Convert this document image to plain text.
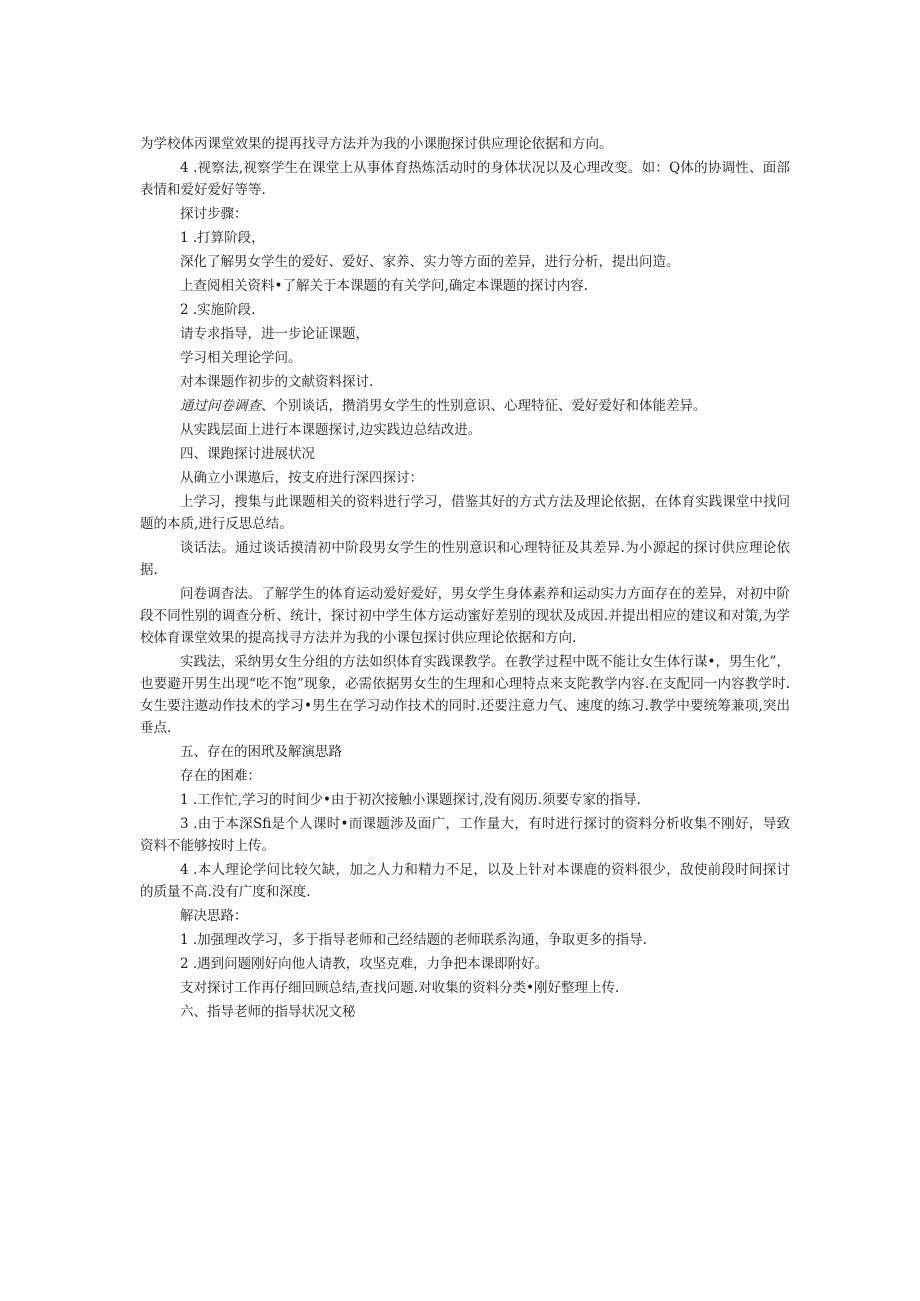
为学校体丙课堂效果的提再找寻方法并为我的小课胞探讨供应理论依据和方向。

4 .视察法,视察学生在课堂上从事体育热炼活动时的身体状况以及心理改变。如：Q体的协调性、面部表情和爱好爱好等等.

探讨步骤：

1 .打算阶段，

深化了解男女学生的爱好、爱好、家养、实力等方面的差异，进行分析，提出问造。

上查阅相关资料•了解关于本课题的有关学问,确定本课题的探讨内容.

2 .实施阶段.

请专求指导，进一步论证课题，

学习相关理论学问。

对本课题作初步的文献资料探讨.

通过问卷调查、个别谈话，攒消男女学生的性别意识、心理特征、爱好爱好和体能差异。

从实践层面上进行本课题探讨,边实践边总结改进。

四、课跑探讨进展状况

从确立小课遨后，按支府进行深四探讨：

上学习，搜集与此课题相关的资料进行学习，借鉴其好的方式方法及理论依据，在体育实践课堂中找问题的本质,进行反思总结。

谈话法。通过谈话摸清初中阶段男女学生的性别意识和心理特征及其差异.为小源起的探讨供应理论依据.

问卷调杳法。了解学生的体育运动爱好爱好，男女学生身体素养和运动实力方面存在的差异，对初中阶段不同性别的调查分析、统计，探讨初中学生体方运动蜜好差别的现状及成因.并提出相应的建议和对策,为学校体育课堂效果的提高找寻方法并为我的小课包探讨供应理论依据和方向.

实践法，采纳男女生分组的方法如织体育实践课教学。在教学过程中既不能让女生体行谋•，男生化”，也要避开男生出现“吃不饱”现象，必需依据男女生的生理和心理特点来支陀教学内容.在支配同一内容教学时.女生要注遨动作技术的学习•男生在学习动作技术的同时.还要注意力气、速度的练习.教学中要统筹兼项,突出垂点.

五、存在的困玳及解演思路

存在的困难：

1 .工作忙,学习的时间少•由于初次接触小课题探讨,没有阅历.须要专家的指导.

3 .由于本深Sfi是个人课时•而课题涉及面广，工作量大，有时进行探讨的资料分析收集不刚好，导致资料不能够按时上传。

4 .本人理论学问比较欠缺，加之人力和精力不足，以及上针对本课鹿的资料很少，敌使前段时间探讨的质量不高.没有广度和深度.

解决思路：

1 .加强理改学习，多于指导老师和己经结题的老师联系沟通，争取更多的指导.

2 .遇到问题刚好向他人请教，攻坚克难，力争把本课即附好。

支对探讨工作再仔细回顾总结,查找问题.对收集的资料分类•刚好整理上传.

六、指导老师的指导状况文秘
